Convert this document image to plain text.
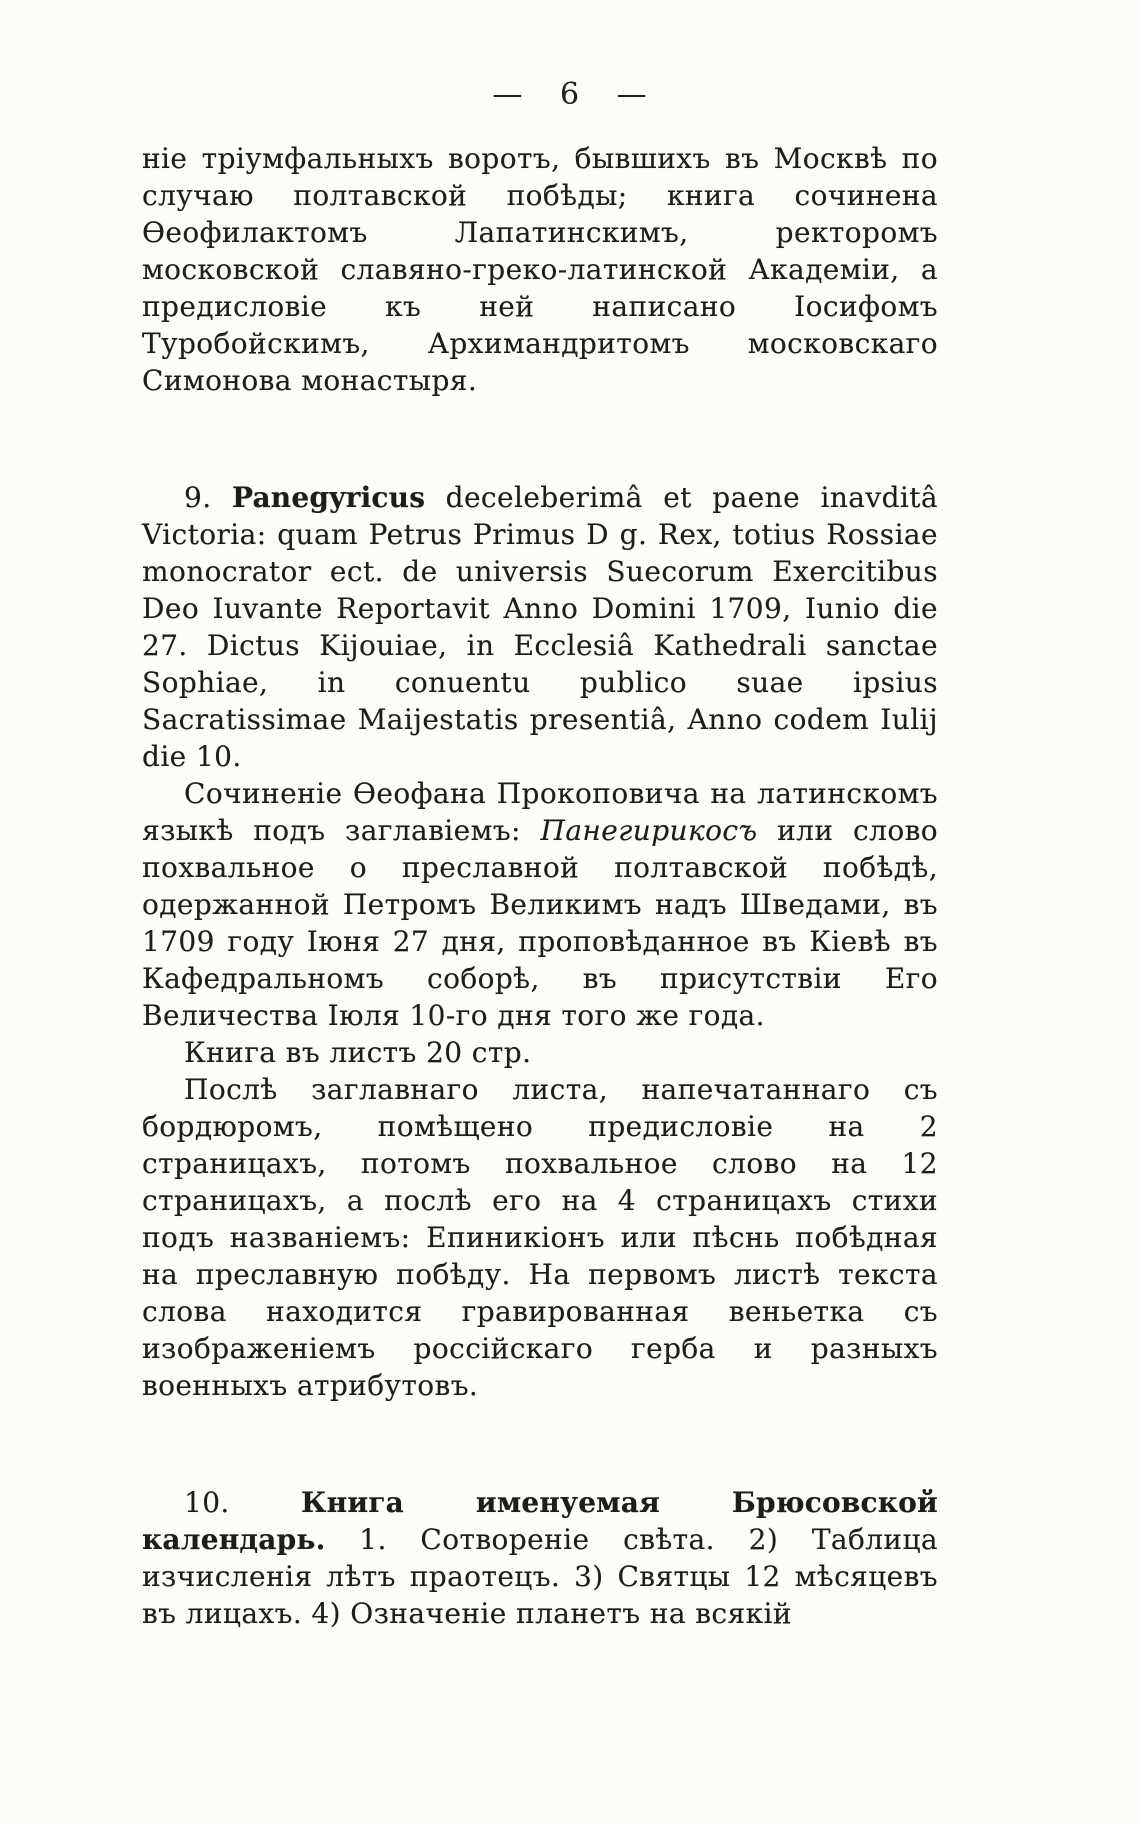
— 6 —

ніе тріумфальныхъ воротъ, бывшихъ въ Москвѣ по случаю полтавской побѣды; книга сочинена Ѳеофилактомъ Лапатинскимъ, ректоромъ московской славяно-греко-латинской Академіи, а предисловіе къ ней написано Іосифомъ Туробойскимъ, Архимандритомъ московскаго Симонова монастыря.

9. Panegyricus deceleberimâ et paene inavditâ Victoria: quam Petrus Primus D g. Rex, totius Rossiae monocrator ect. de universis Suecorum Exercitibus Deo Iuvante Reportavit Anno Domini 1709, Iunio die 27. Dictus Kijouiae, in Ecclesiâ Kathedrali sanctae Sophiae, in conuentu publico suae ipsius Sacratissimae Maijestatis presentiâ, Anno codem Iulij die 10.

Сочиненіе Ѳеофана Прокоповича на латинскомъ языкѣ подъ заглавіемъ: Панегирикосъ или слово похвальное о преславной полтавской побѣдѣ, одержанной Петромъ Великимъ надъ Шведами, въ 1709 году Іюня 27 дня, проповѣданное въ Кіевѣ въ Кафедральномъ соборѣ, въ присутствіи Его Величества Іюля 10-го дня того же года.

Книга въ листъ 20 стр.

Послѣ заглавнаго листа, напечатаннаго съ бордюромъ, помѣщено предисловіе на 2 страницахъ, потомъ похвальное слово на 12 страницахъ, а послѣ его на 4 страницахъ стихи подъ названіемъ: Епиникіонъ или пѣснь побѣдная на преславную побѣду. На первомъ листѣ текста слова находится гравированная веньетка съ изображеніемъ россійскаго герба и разныхъ военныхъ атрибутовъ.

10. Книга именуемая Брюсовской календарь. 1. Сотвореніе свѣта. 2) Таблица изчисленія лѣтъ праотецъ. 3) Святцы 12 мѣсяцевъ въ лицахъ. 4) Означеніе планетъ на всякій
